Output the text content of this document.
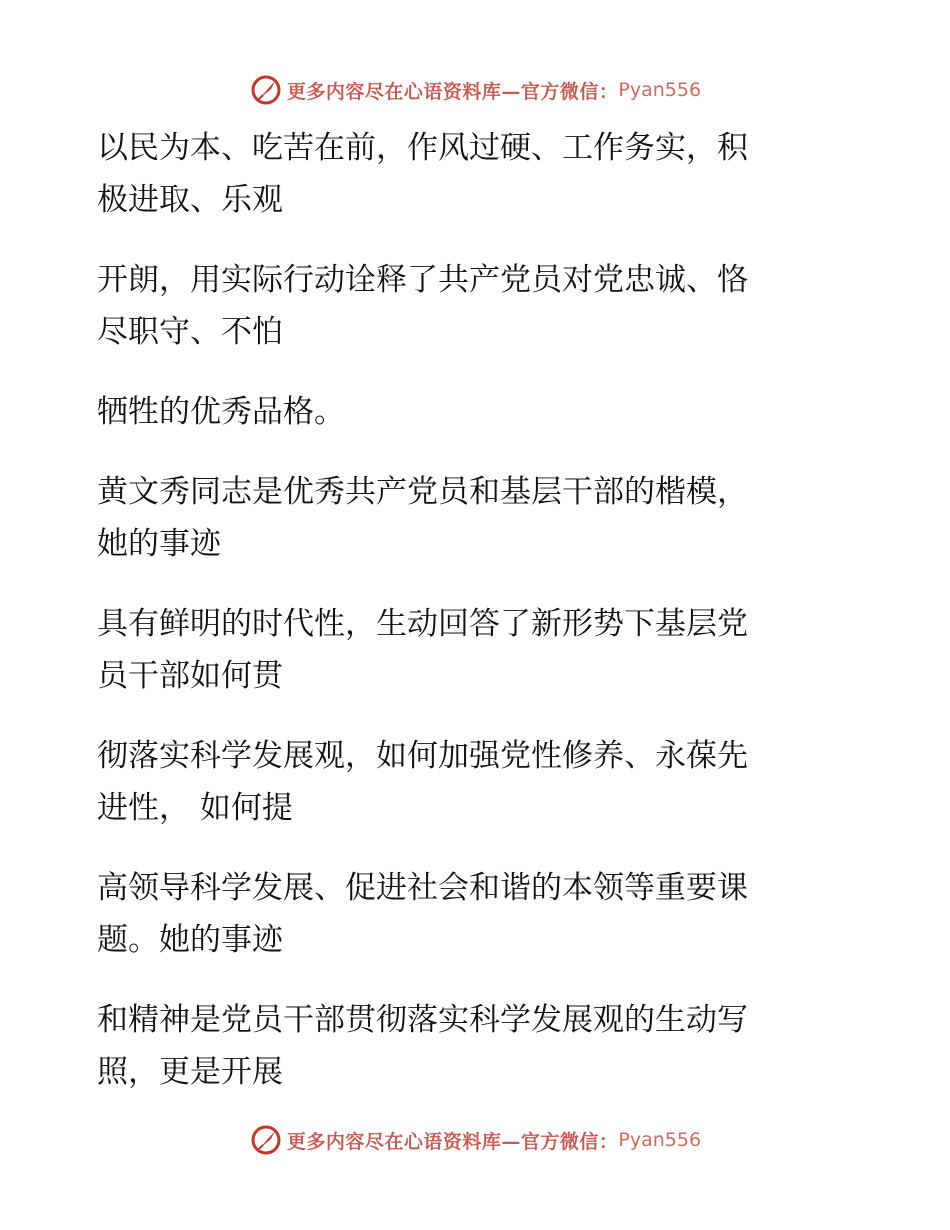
更多内容尽在心语资料库—官方微信： Pyan556

以民为本、吃苦在前，作风过硬、工作务实，积
极进取、乐观

开朗，用实际行动诠释了共产党员对党忠诚、恪
尽职守、不怕

牺牲的优秀品格。

黄文秀同志是优秀共产党员和基层干部的楷模，
她的事迹

具有鲜明的时代性，生动回答了新形势下基层党
员干部如何贯

彻落实科学发展观，如何加强党性修养、永葆先
进性， 如何提

高领导科学发展、促进社会和谐的本领等重要课
题。她的事迹

和精神是党员干部贯彻落实科学发展观的生动写
照，更是开展

更多内容尽在心语资料库—官方微信： Pyan556
